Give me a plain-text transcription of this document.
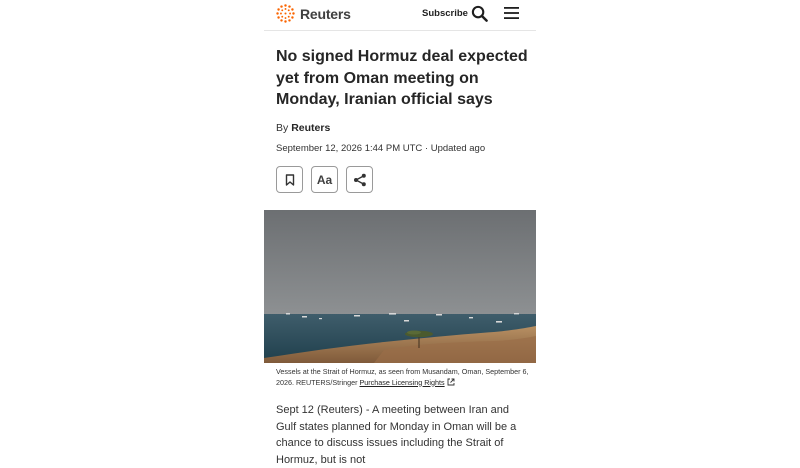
Reuters	Subscribe
No signed Hormuz deal expected yet from Oman meeting on Monday, Iranian official says
By Reuters
September 12, 2026 1:44 PM UTC · Updated ago
Aa
Vessels at the Strait of Hormuz, as seen from Musandam, Oman, September 6, 2026. REUTERS/Stringer Purchase Licensing Rights

Sept 12 (Reuters) - A meeting between Iran and Gulf states planned for Monday in Oman will be a chance to discuss issues including the Strait of Hormuz, but is not
